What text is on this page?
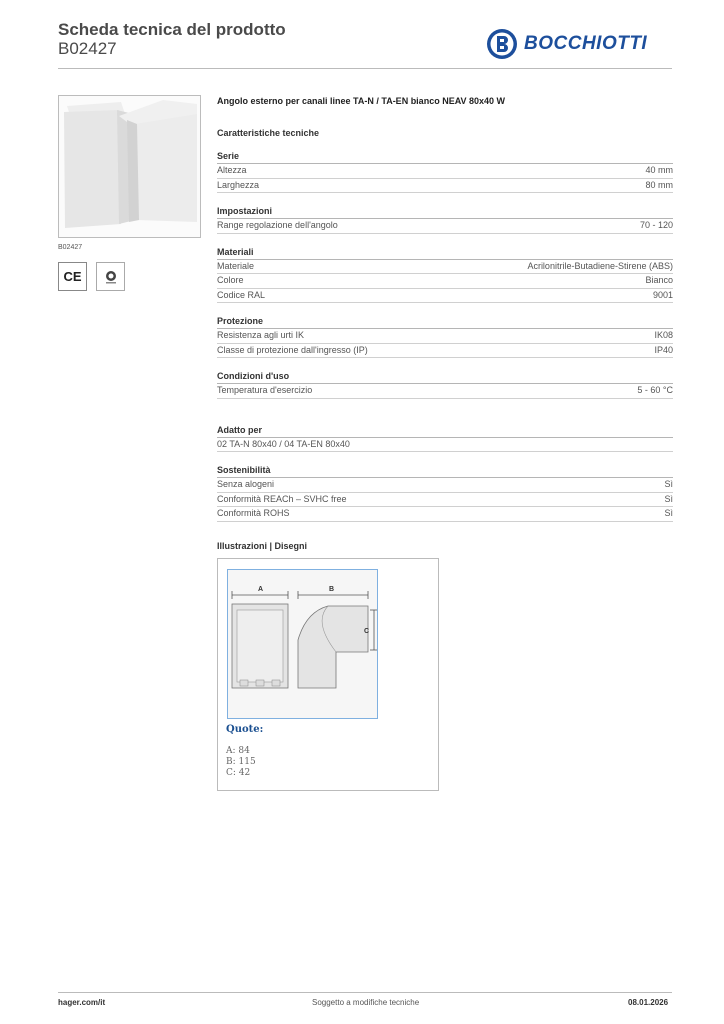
Scheda tecnica del prodotto
B02427	BOCCHIOTTI
B02427
CE
Angolo esterno per canali linee TA-N / TA-EN bianco NEAV 80x40 W
Caratteristiche tecniche
Serie
Altezza	40 mm
Larghezza	80 mm
Impostazioni
Range regolazione dell'angolo	70 - 120
Materiali
Materiale	Acrilonitrile-Butadiene-Stirene (ABS)
Colore	Bianco
Codice RAL	9001
Protezione
Resistenza agli urti IK	IK08
Classe di protezione dall'ingresso (IP)	IP40
Condizioni d'uso
Temperatura d'esercizio	5 - 60 °C
Adatto per
02 TA-N 80x40 / 04 TA-EN 80x40
Sostenibilità
Senza alogeni	Sì
Conformità REACh – SVHC free	Sì
Conformità ROHS	Sì
Illustrazioni | Disegni
A	B
C
Quote:
A: 84
B: 115
C: 42
hager.com/it	Soggetto a modifiche tecniche	08.01.2026
